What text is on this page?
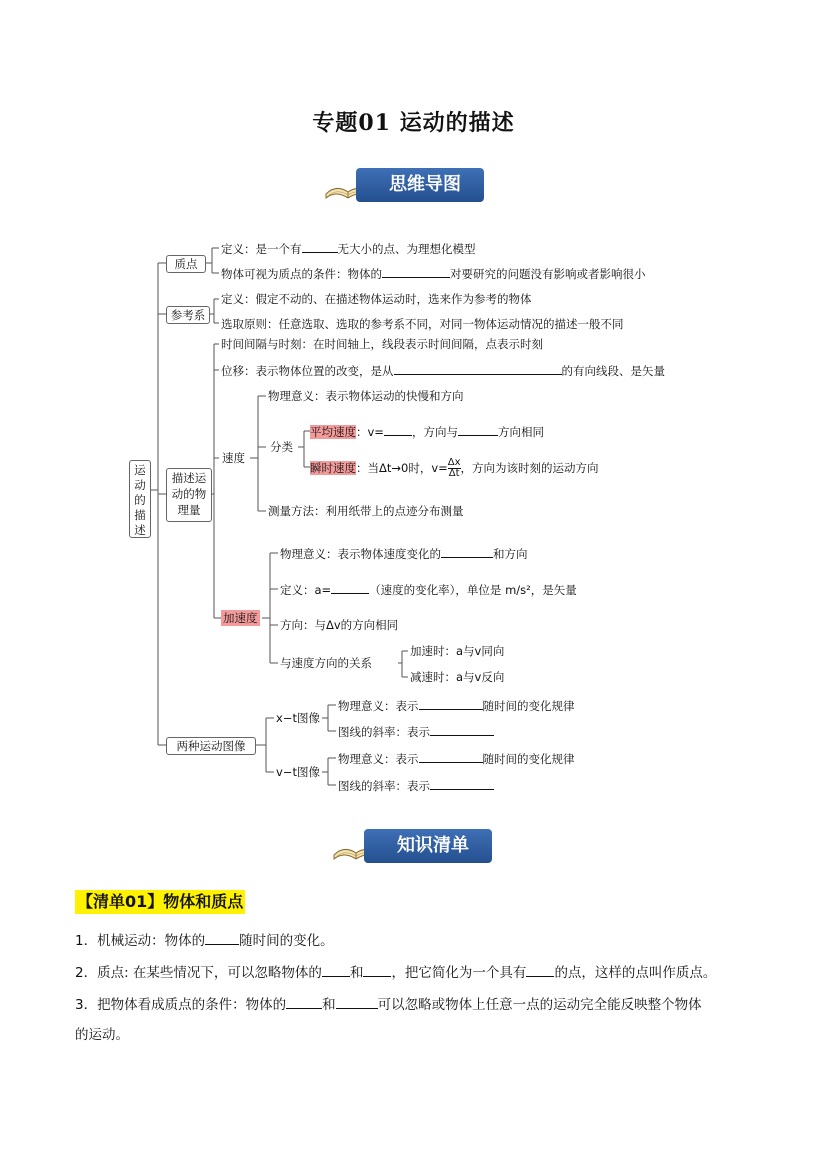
专题01 运动的描述
思维导图
运动的描述
质点
定义：是一个有	无大小的点、为理想化模型
物体可视为质点的条件：物体的	对要研究的问题没有影响或者影响很小
参考系
定义：假定不动的、在描述物体运动时，选来作为参考的物体
选取原则：任意选取、选取的参考系不同，对同一物体运动情况的描述一般不同
描述运动的物理量
时间间隔与时刻：在时间轴上，线段表示时间间隔，点表示时刻
位移：表示物体位置的改变，是从	的有向线段、是矢量
速度
物理意义：表示物体运动的快慢和方向
分类
平均速度：v= ，方向与	方向相同
瞬时速度：当Δt→0时，$v= \frac{\Delta x}{\Delta t}$ ，方向为该时刻的运动方向
测量方法：利用纸带上的点迹分布测量
加速度
物理意义：表示物体速度变化的	和方向
定义：a=	（速度的变化率），单位是 m/s²，是矢量
方向：与Δv的方向相同
与速度方向的关系
加速时：a与v同向
减速时：a与v反向
两种运动图像
x−t图像
物理意义：表示	随时间的变化规律
图线的斜率：表示
v−t图像
物理意义：表示	随时间的变化规律
图线的斜率：表示
知识清单
【清单01】物体和质点
1．机械运动：物体的	随时间的变化。
2．质点: 在某些情况下，可以忽略物体的 和 ，把它简化为一个具有 的点，这样的点叫作质点。
3．把物体看成质点的条件：物体的	和	可以忽略或物体上任意一点的运动完全能反映整个物体
的运动。
